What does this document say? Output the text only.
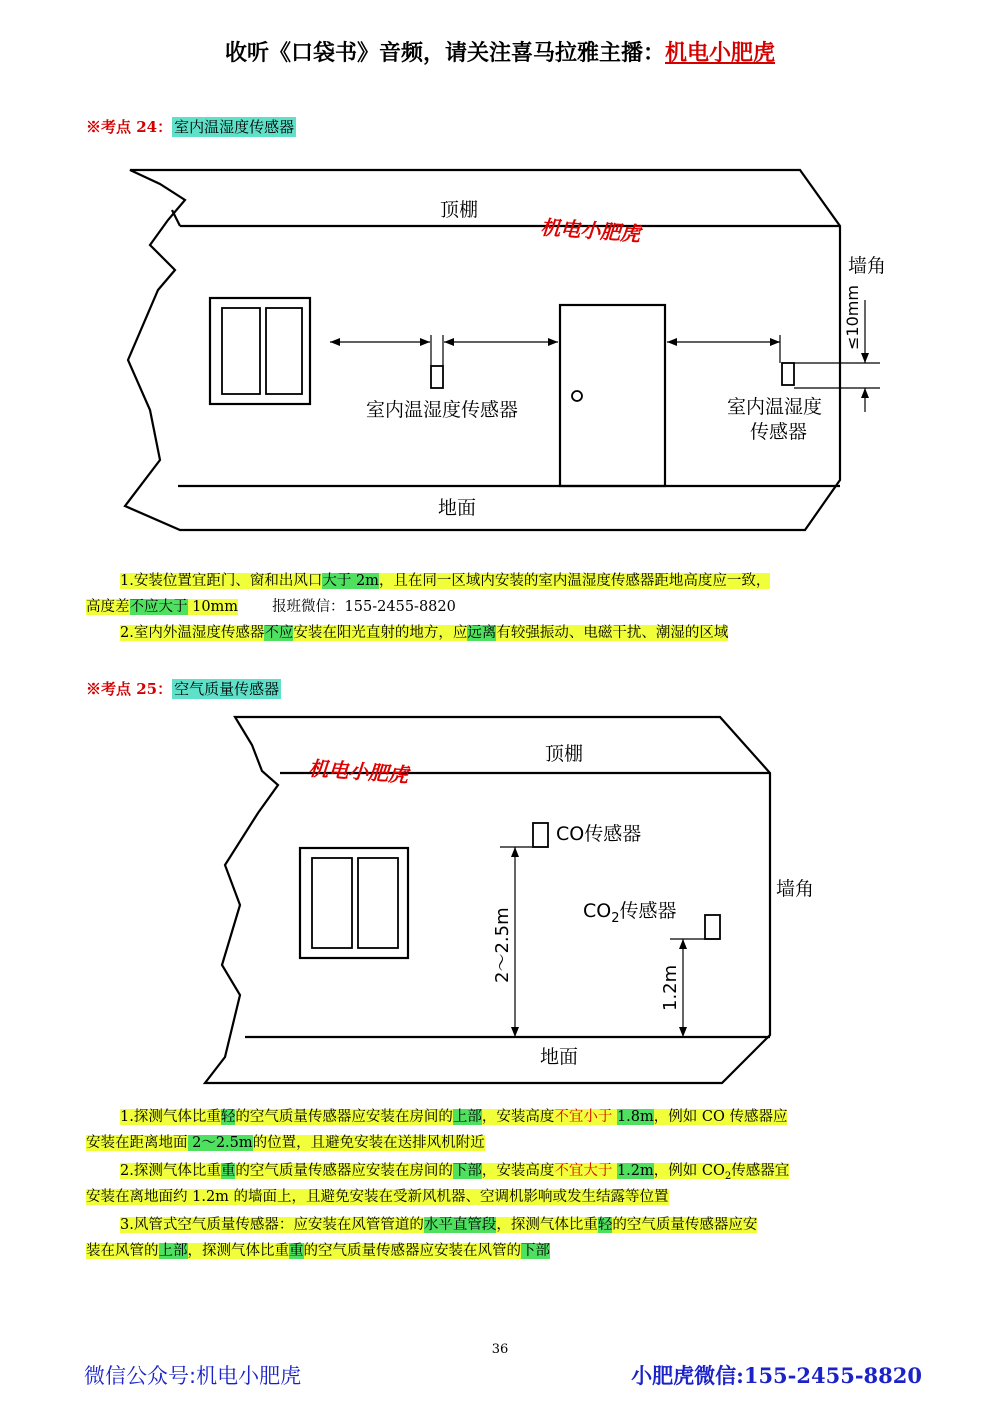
收听《口袋书》音频，请关注喜马拉雅主播：机电小肥虎
※考点 24： 室内温湿度传感器
顶棚
墙角
地面
室内温湿度传感器	室内温湿度
传感器
≤10mm
机电小肥虎
1.安装位置宜距门、窗和出风口大于 2m，且在同一区域内安装的室内温湿度传感器距地高度应一致，
高度差不应大于 10mm 报班微信：155-2455-8820
2.室内外温湿度传感器不应安装在阳光直射的地方，应远离有较强振动、电磁干扰、潮湿的区域
※考点 25： 空气质量传感器
顶棚
墙角
地面
CO传感器
$CO_2$传感器
2～2.5m
1.2m
机电小肥虎
1.探测气体比重轻的空气质量传感器应安装在房间的上部，安装高度不宜小于 1.8m，例如 CO 传感器应
安装在距离地面 2～2.5m的位置，且避免安装在送排风机附近
2.探测气体比重重的空气质量传感器应安装在房间的下部，安装高度不宜大于 1.2m，例如 $CO_2$传感器宜
安装在离地面约 1.2m 的墙面上，且避免安装在受新风机器、空调机影响或发生结露等位置
3.风管式空气质量传感器：应安装在风管管道的水平直管段，探测气体比重轻的空气质量传感器应安
装在风管的上部，探测气体比重重的空气质量传感器应安装在风管的下部
36
微信公众号:机电小肥虎	小肥虎微信:155-2455-8820
